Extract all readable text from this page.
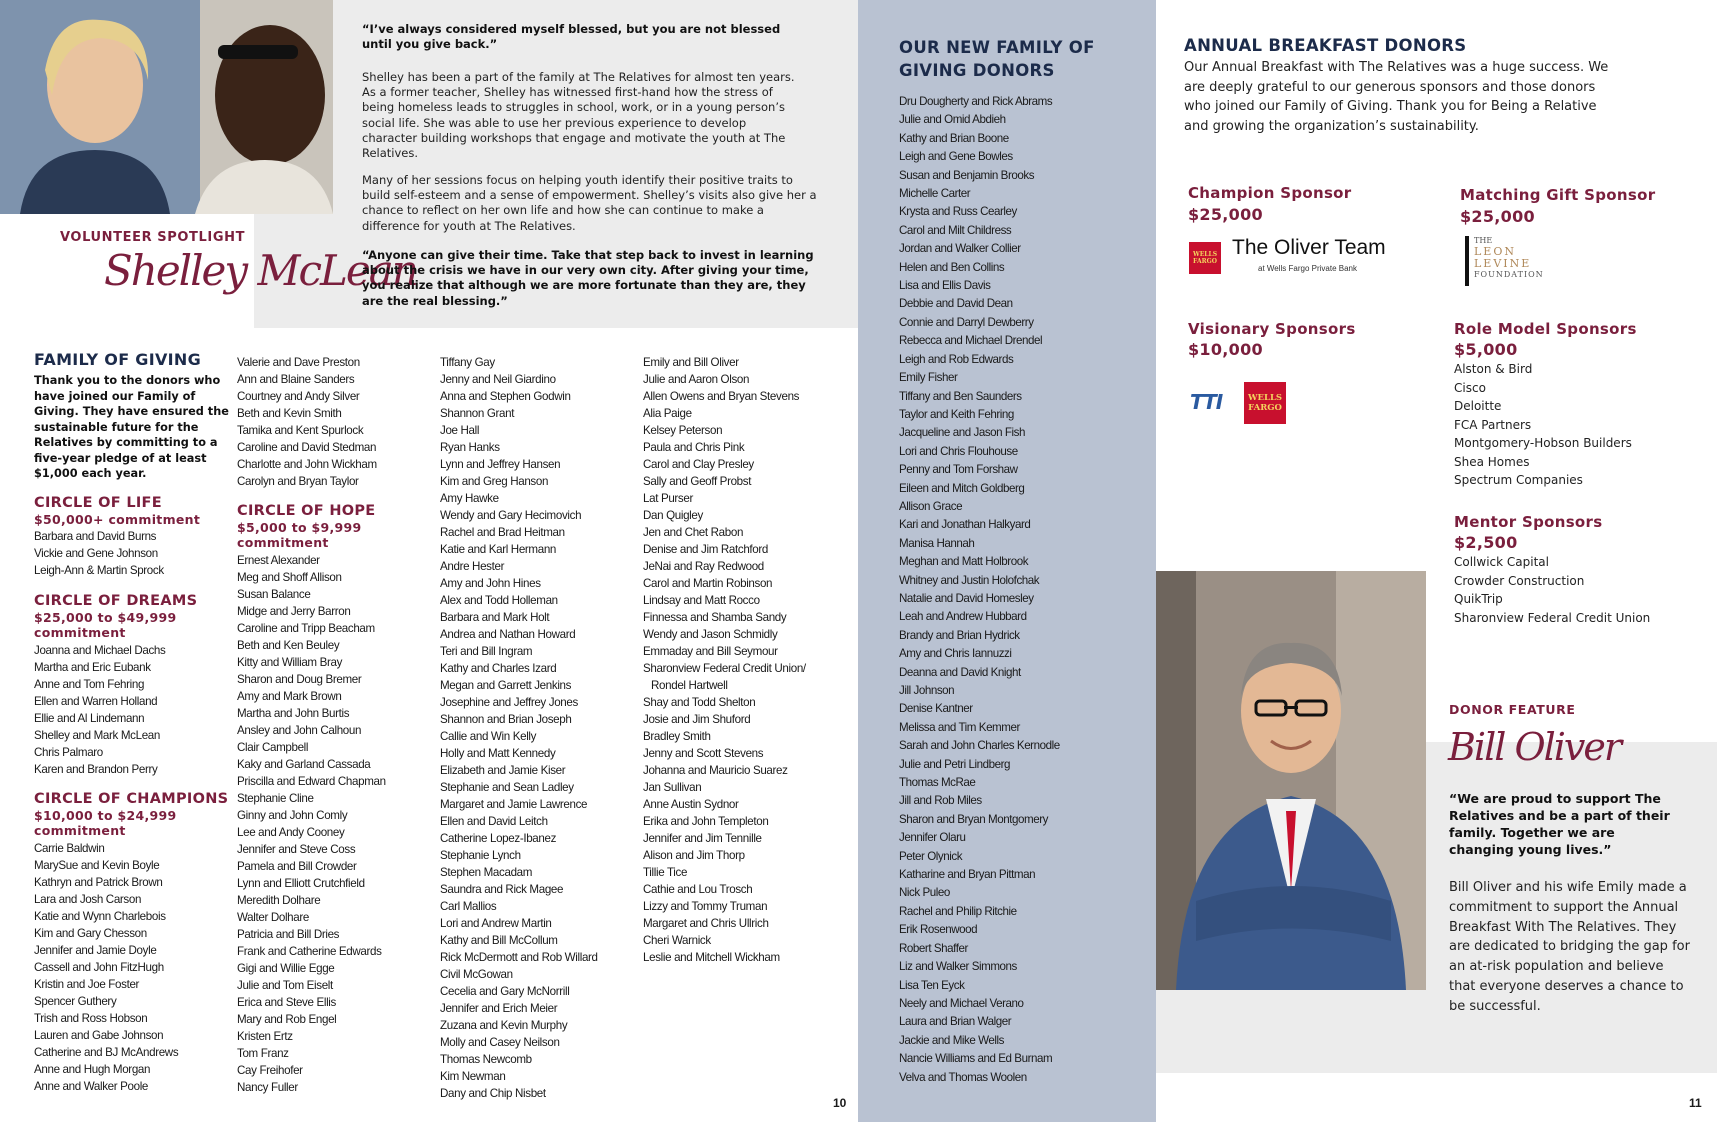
VOLUNTEER SPOTLIGHT
Shelley McLean
“I’ve always considered myself blessed, but you are not blessed until you give back.”
Shelley has been a part of the family at The Relatives for almost ten years. As a former teacher, Shelley has witnessed first-hand how the stress of being homeless leads to struggles in school, work, or in a young person’s social life. She was able to use her previous experience to develop character building workshops that engage and motivate the youth at The Relatives.
Many of her sessions focus on helping youth identify their positive traits to build self-esteem and a sense of empowerment. Shelley’s visits also give her a chance to reflect on her own life and how she can continue to make a difference for youth at The Relatives.
“Anyone can give their time. Take that step back to invest in learning about the crisis we have in our very own city. After giving your time, you realize that although we are more fortunate than they are, they are the real blessing.”
FAMILY OF GIVING
Thank you to the donors who have joined our Family of Giving. They have ensured the sustainable future for the Relatives by committing to a five-year pledge of at least $1,000 each year.
CIRCLE OF LIFE
$50,000+ commitment
Barbara and David Burns
Vickie and Gene Johnson
Leigh-Ann & Martin Sprock
CIRCLE OF DREAMS
$25,000 to $49,999 commitment
Joanna and Michael Dachs
Martha and Eric Eubank
Anne and Tom Fehring
Ellen and Warren Holland
Ellie and Al Lindemann
Shelley and Mark McLean
Chris Palmaro
Karen and Brandon Perry
CIRCLE OF CHAMPIONS
$10,000 to $24,999 commitment
Carrie Baldwin
MarySue and Kevin Boyle
Kathryn and Patrick Brown
Lara and Josh Carson
Katie and Wynn Charlebois
Kim and Gary Chesson
Jennifer and Jamie Doyle
Cassell and John FitzHugh
Kristin and Joe Foster
Spencer Guthery
Trish and Ross Hobson
Lauren and Gabe Johnson
Catherine and BJ McAndrews
Anne and Hugh Morgan
Anne and Walker Poole
Valerie and Dave Preston
Ann and Blaine Sanders
Courtney and Andy Silver
Beth and Kevin Smith
Tamika and Kent Spurlock
Caroline and David Stedman
Charlotte and John Wickham
Carolyn and Bryan Taylor
CIRCLE OF HOPE
$5,000 to $9,999 commitment
Ernest Alexander
Meg and Shoff Allison
Susan Balance
Midge and Jerry Barron
Caroline and Tripp Beacham
Beth and Ken Beuley
Kitty and William Bray
Sharon and Doug Bremer
Amy and Mark Brown
Martha and John Burtis
Ansley and John Calhoun
Clair Campbell
Kaky and Garland Cassada
Priscilla and Edward Chapman
Stephanie Cline
Ginny and John Comly
Lee and Andy Cooney
Jennifer and Steve Coss
Pamela and Bill Crowder
Lynn and Elliott Crutchfield
Meredith Dolhare
Walter Dolhare
Patricia and Bill Dries
Frank and Catherine Edwards
Gigi and Willie Egge
Julie and Tom Eiselt
Erica and Steve Ellis
Mary and Rob Engel
Kristen Ertz
Tom Franz
Cay Freihofer
Nancy Fuller
Tiffany Gay
Jenny and Neil Giardino
Anna and Stephen Godwin
Shannon Grant
Joe Hall
Ryan Hanks
Lynn and Jeffrey Hansen
Kim and Greg Hanson
Amy Hawke
Wendy and Gary Hecimovich
Rachel and Brad Heitman
Katie and Karl Hermann
Andre Hester
Amy and John Hines
Alex and Todd Holleman
Barbara and Mark Holt
Andrea and Nathan Howard
Teri and Bill Ingram
Kathy and Charles Izard
Megan and Garrett Jenkins
Josephine and Jeffrey Jones
Shannon and Brian Joseph
Callie and Win Kelly
Holly and Matt Kennedy
Elizabeth and Jamie Kiser
Stephanie and Sean Ladley
Margaret and Jamie Lawrence
Ellen and David Leitch
Catherine Lopez-Ibanez
Stephanie Lynch
Stephen Macadam
Saundra and Rick Magee
Carl Mallios
Lori and Andrew Martin
Kathy and Bill McCollum
Rick McDermott and Rob Willard
Civil McGowan
Cecelia and Gary McNorrill
Jennifer and Erich Meier
Zuzana and Kevin Murphy
Molly and Casey Neilson
Thomas Newcomb
Kim Newman
Dany and Chip Nisbet
Emily and Bill Oliver
Julie and Aaron Olson
Allen Owens and Bryan Stevens
Alia Paige
Kelsey Peterson
Paula and Chris Pink
Carol and Clay Presley
Sally and Geoff Probst
Lat Purser
Dan Quigley
Jen and Chet Rabon
Denise and Jim Ratchford
JeNai and Ray Redwood
Carol and Martin Robinson
Lindsay and Matt Rocco
Finnessa and Shamba Sandy
Wendy and Jason Schmidly
Emmaday and Bill Seymour
Sharonview Federal Credit Union/
Rondel Hartwell
Shay and Todd Shelton
Josie and Jim Shuford
Bradley Smith
Jenny and Scott Stevens
Johanna and Mauricio Suarez
Jan Sullivan
Anne Austin Sydnor
Erika and John Templeton
Jennifer and Jim Tennille
Alison and Jim Thorp
Tillie Tice
Cathie and Lou Trosch
Lizzy and Tommy Truman
Margaret and Chris Ullrich
Cheri Warnick
Leslie and Mitchell Wickham
10
OUR NEW FAMILY OF
GIVING DONORS
Dru Dougherty and Rick Abrams
Julie and Omid Abdieh
Kathy and Brian Boone
Leigh and Gene Bowles
Susan and Benjamin Brooks
Michelle Carter
Krysta and Russ Cearley
Carol and Milt Childress
Jordan and Walker Collier
Helen and Ben Collins
Lisa and Ellis Davis
Debbie and David Dean
Connie and Darryl Dewberry
Rebecca and Michael Drendel
Leigh and Rob Edwards
Emily Fisher
Tiffany and Ben Saunders
Taylor and Keith Fehring
Jacqueline and Jason Fish
Lori and Chris Flouhouse
Penny and Tom Forshaw
Eileen and Mitch Goldberg
Allison Grace
Kari and Jonathan Halkyard
Manisa Hannah
Meghan and Matt Holbrook
Whitney and Justin Holofchak
Natalie and David Homesley
Leah and Andrew Hubbard
Brandy and Brian Hydrick
Amy and Chris Iannuzzi
Deanna and David Knight
Jill Johnson
Denise Kantner
Melissa and Tim Kemmer
Sarah and John Charles Kernodle
Julie and Petri Lindberg
Thomas McRae
Jill and Rob Miles
Sharon and Bryan Montgomery
Jennifer Olaru
Peter Olynick
Katharine and Bryan Pittman
Nick Puleo
Rachel and Philip Ritchie
Erik Rosenwood
Robert Shaffer
Liz and Walker Simmons
Lisa Ten Eyck
Neely and Michael Verano
Laura and Brian Walger
Jackie and Mike Wells
Nancie Williams and Ed Burnam
Velva and Thomas Woolen
ANNUAL BREAKFAST DONORS
Our Annual Breakfast with The Relatives was a huge success. We are deeply grateful to our generous sponsors and those donors who joined our Family of Giving. Thank you for Being a Relative and growing the organization’s sustainability.
Champion Sponsor
$25,000
WELLS
FARGO
The Oliver Team
at Wells Fargo Private Bank
Matching Gift Sponsor
$25,000
THE
LEON
LEVINE
FOUNDATION
Visionary Sponsors
$10,000
TTI	WELLS
FARGO
Role Model Sponsors
$5,000
Alston & Bird
Cisco
Deloitte
FCA Partners
Montgomery-Hobson Builders
Shea Homes
Spectrum Companies
Mentor Sponsors
$2,500
Collwick Capital
Crowder Construction
QuikTrip
Sharonview Federal Credit Union
DONOR FEATURE
Bill Oliver
“We are proud to support The Relatives and be a part of their family. Together we are changing young lives.”
Bill Oliver and his wife Emily made a commitment to support the Annual Breakfast With The Relatives. They are dedicated to bridging the gap for an at-risk population and believe that everyone deserves a chance to be successful.
11
